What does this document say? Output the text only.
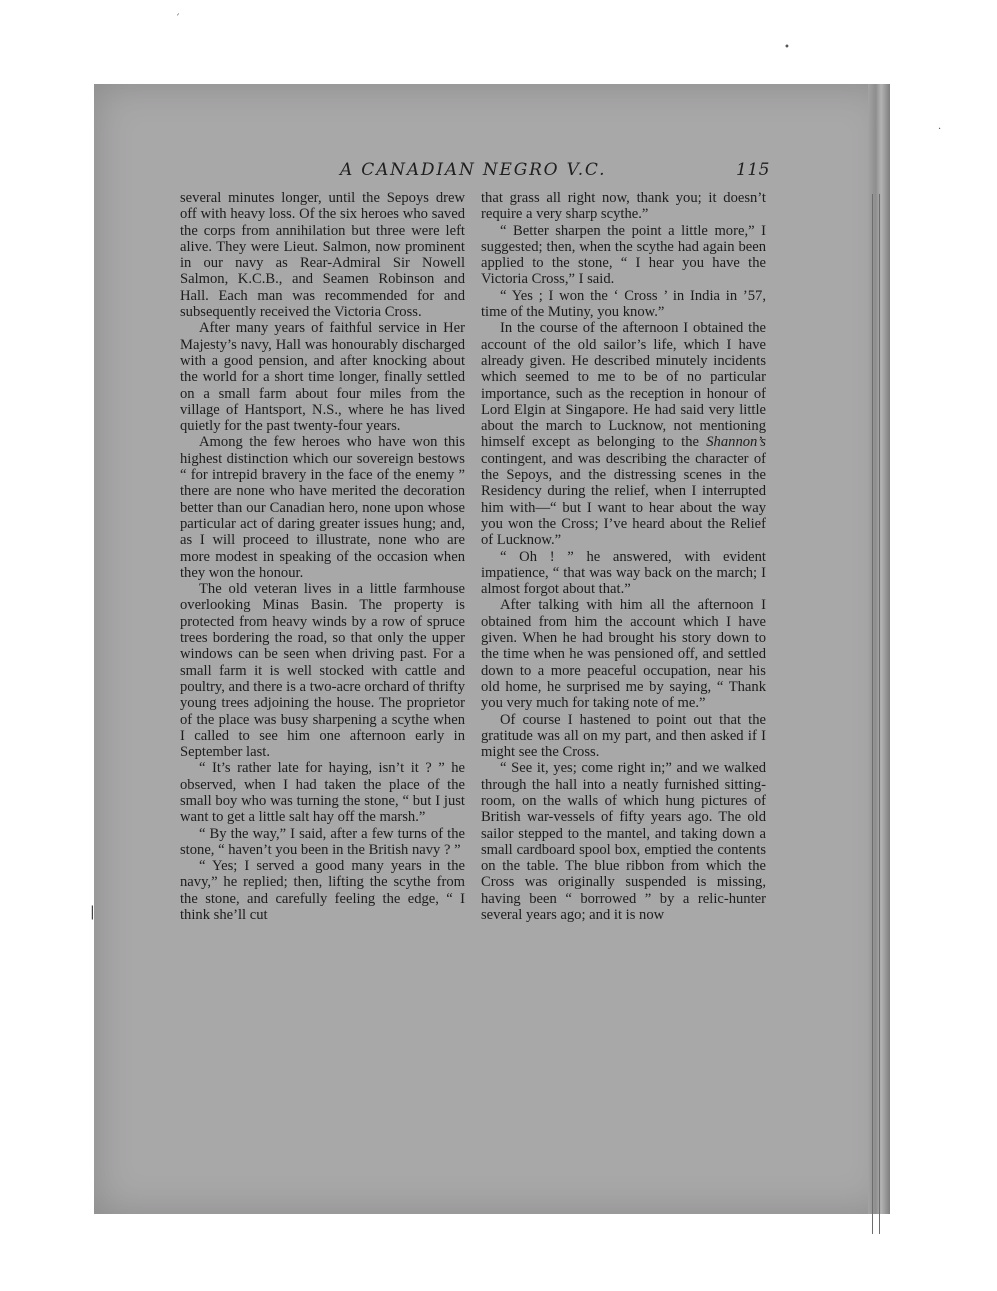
A CANADIAN NEGRO V.C.	115

several minutes longer, until the Sepoys drew off with heavy loss. Of the six heroes who saved the corps from annihilation but three were left alive. They were Lieut. Salmon, now prominent in our navy as Rear-Admiral Sir Nowell Salmon, K.C.B., and Seamen Robinson and Hall. Each man was recommended for and subsequently received the Victoria Cross.

After many years of faithful service in Her Majesty’s navy, Hall was honourably discharged with a good pension, and after knocking about the world for a short time longer, finally settled on a small farm about four miles from the village of Hantsport, N.S., where he has lived quietly for the past twenty-four years.

Among the few heroes who have won this highest distinction which our sovereign bestows “ for intrepid bravery in the face of the enemy ” there are none who have merited the decoration better than our Canadian hero, none upon whose particular act of daring greater issues hung; and, as I will proceed to illustrate, none who are more modest in speaking of the occasion when they won the honour.

The old veteran lives in a little farmhouse overlooking Minas Basin. The property is protected from heavy winds by a row of spruce trees bordering the road, so that only the upper windows can be seen when driving past. For a small farm it is well stocked with cattle and poultry, and there is a two-acre orchard of thrifty young trees adjoining the house. The proprietor of the place was busy sharpening a scythe when I called to see him one afternoon early in September last.

“ It’s rather late for haying, isn’t it ? ” he observed, when I had taken the place of the small boy who was turning the stone, “ but I just want to get a little salt hay off the marsh.”

“ By the way,” I said, after a few turns of the stone, “ haven’t you been in the British navy ? ”

“ Yes; I served a good many years in the navy,” he replied; then, lifting the scythe from the stone, and carefully feeling the edge, “ I think she’ll cut

that grass all right now, thank you; it doesn’t require a very sharp scythe.”

“ Better sharpen the point a little more,” I suggested; then, when the scythe had again been applied to the stone, “ I hear you have the Victoria Cross,” I said.

“ Yes ; I won the ‘ Cross ’ in India in ’57, time of the Mutiny, you know.”

In the course of the afternoon I obtained the account of the old sailor’s life, which I have already given. He described minutely incidents which seemed to me to be of no particular importance, such as the reception in honour of Lord Elgin at Singapore. He had said very little about the march to Lucknow, not mentioning himself except as belonging to the Shannon’s contingent, and was describing the character of the Sepoys, and the distressing scenes in the Residency during the relief, when I interrupted him with—“ but I want to hear about the way you won the Cross; I’ve heard about the Relief of Lucknow.”

“ Oh ! ” he answered, with evident impatience, “ that was way back on the march; I almost forgot about that.”

After talking with him all the afternoon I obtained from him the account which I have given. When he had brought his story down to the time when he was pensioned off, and settled down to a more peaceful occupation, near his old home, he surprised me by saying, “ Thank you very much for taking note of me.”

Of course I hastened to point out that the gratitude was all on my part, and then asked if I might see the Cross.

“ See it, yes; come right in;” and we walked through the hall into a neatly furnished sitting-room, on the walls of which hung pictures of British war-vessels of fifty years ago. The old sailor stepped to the mantel, and taking down a small cardboard spool box, emptied the contents on the table. The blue ribbon from which the Cross was originally suspended is missing, having been “ borrowed ” by a relic-hunter several years ago; and it is now

ˊ
•
·
|
